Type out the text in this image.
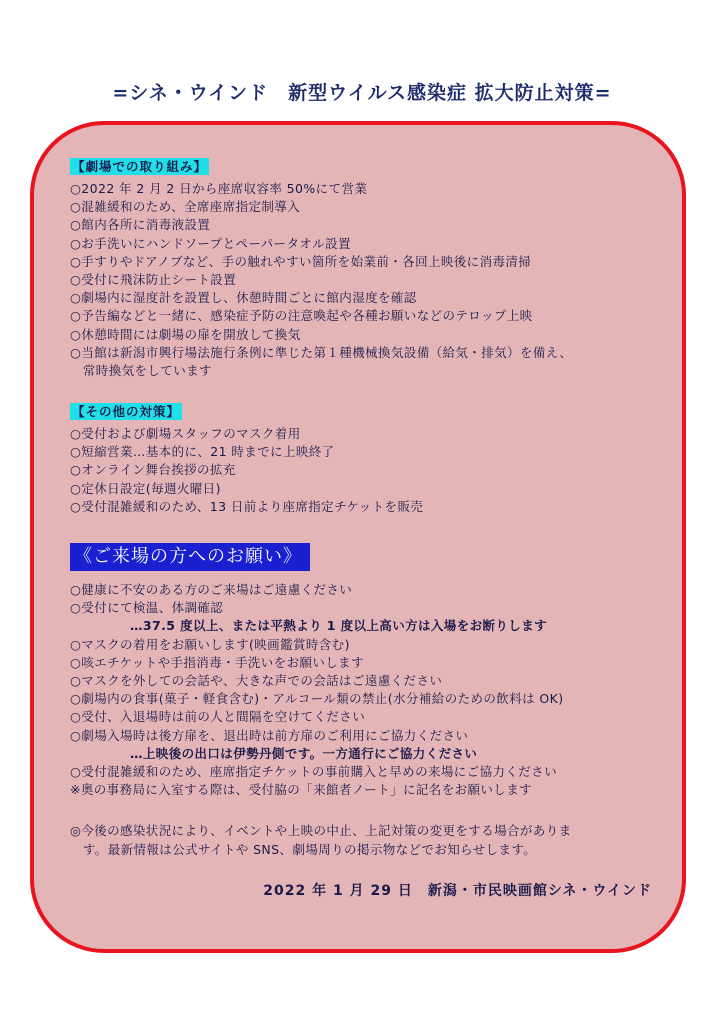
=シネ・ウインド　新型ウイルス感染症 拡大防止対策=
【劇場での取り組み】
○2022 年 2 月 2 日から座席収容率 50%にて営業
○混雑緩和のため、全席座席指定制導入
○館内各所に消毒液設置
○お手洗いにハンドソープとペーパータオル設置
○手すりやドアノブなど、手の触れやすい箇所を始業前・各回上映後に消毒清掃
○受付に飛沫防止シート設置
○劇場内に湿度計を設置し、休憩時間ごとに館内湿度を確認
○予告編などと一緒に、感染症予防の注意喚起や各種お願いなどのテロップ上映
○休憩時間には劇場の扉を開放して換気
○当館は新潟市興行場法施行条例に準じた第１種機械換気設備（給気・排気）を備え、
　常時換気をしています
【その他の対策】
○受付および劇場スタッフのマスク着用
○短縮営業…基本的に、21 時までに上映終了
○オンライン舞台挨拶の拡充
○定休日設定(毎週火曜日)
○受付混雑緩和のため、13 日前より座席指定チケットを販売
《ご来場の方へのお願い》
○健康に不安のある方のご来場はご遠慮ください
○受付にて検温、体調確認
…37.5 度以上、または平熱より 1 度以上高い方は入場をお断りします
○マスクの着用をお願いします(映画鑑賞時含む)
○咳エチケットや手指消毒・手洗いをお願いします
○マスクを外しての会話や、大きな声での会話はご遠慮ください
○劇場内の食事(菓子・軽食含む)・アルコール類の禁止(水分補給のための飲料は OK)
○受付、入退場時は前の人と間隔を空けてください
○劇場入場時は後方扉を、退出時は前方扉のご利用にご協力ください
…上映後の出口は伊勢丹側です。一方通行にご協力ください
○受付混雑緩和のため、座席指定チケットの事前購入と早めの来場にご協力ください
※奥の事務局に入室する際は、受付脇の「来館者ノート」に記名をお願いします
◎今後の感染状況により、イベントや上映の中止、上記対策の変更をする場合がありま
　す。最新情報は公式サイトや SNS、劇場周りの掲示物などでお知らせします。
2022 年 1 月 29 日　新潟・市民映画館シネ・ウインド
